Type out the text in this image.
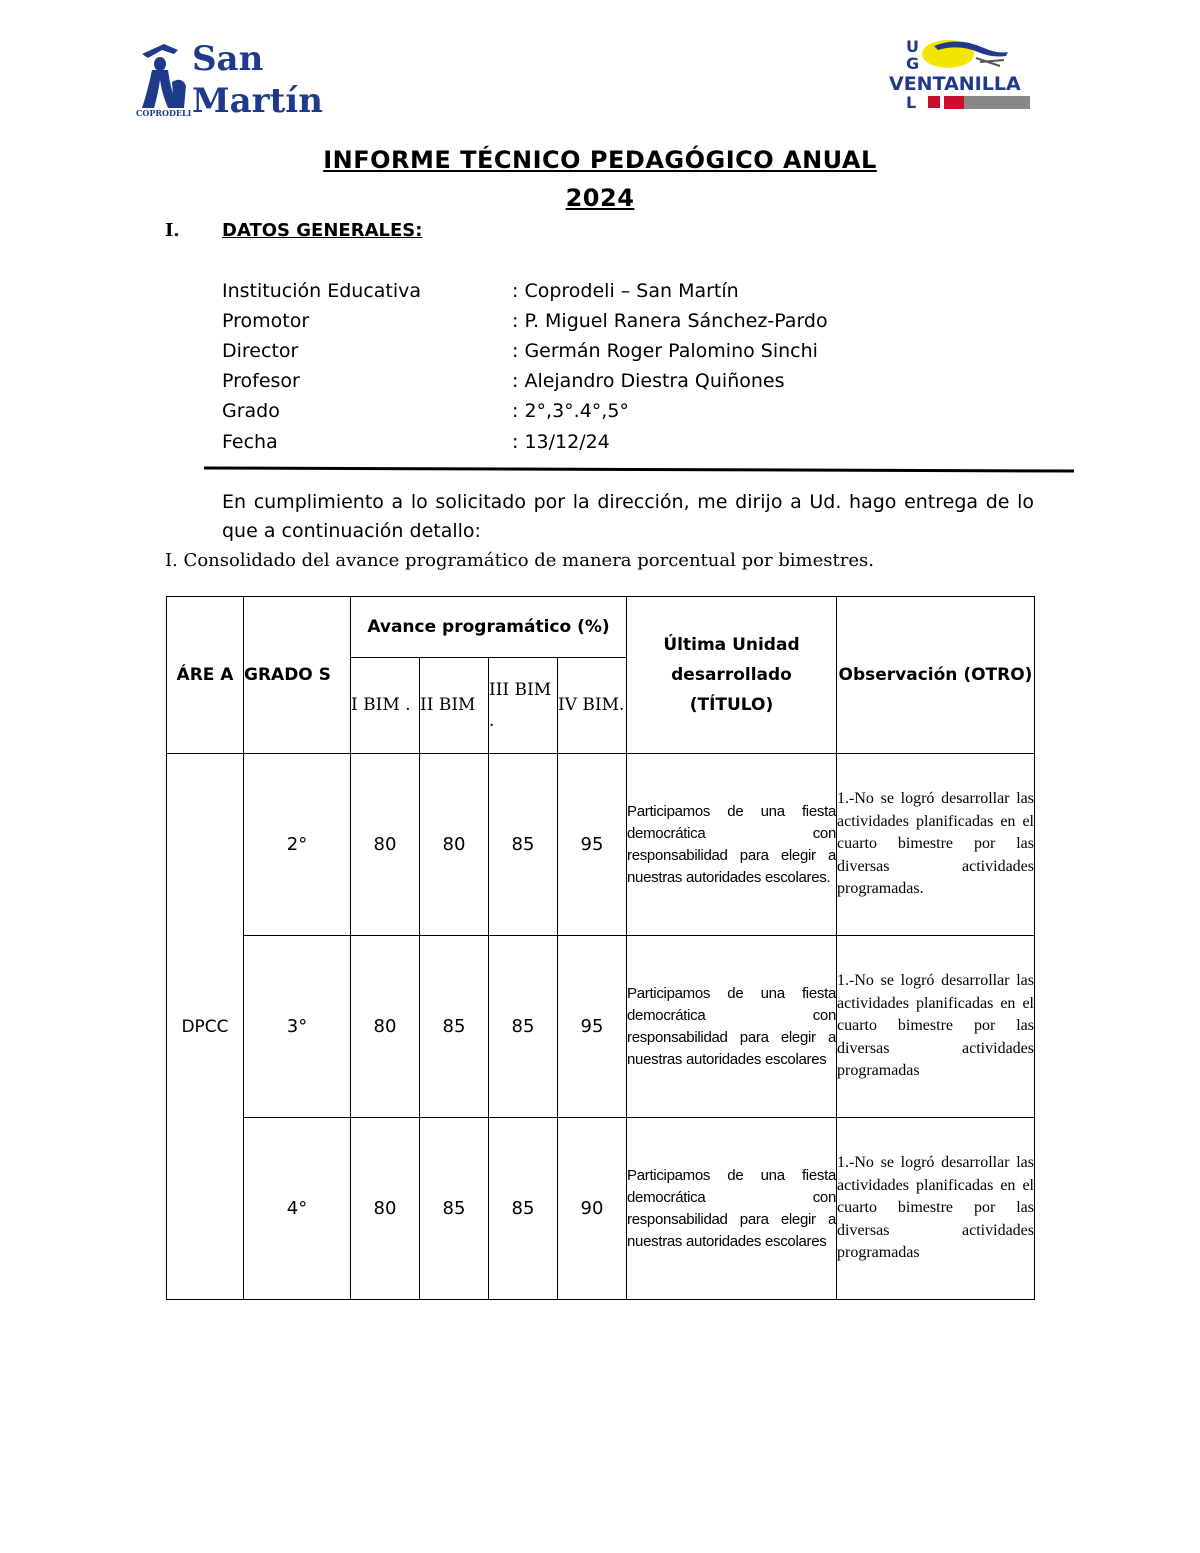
COPRODELI
San
Martín
U
G
VENTANILLA
L
INFORME TÉCNICO PEDAGÓGICO ANUAL
2024
I. DATOS GENERALES:
Institución Educativa	: Coprodeli – San Martín
Promotor	: P. Miguel Ranera Sánchez-Pardo
Director	: Germán Roger Palomino Sinchi
Profesor	: Alejandro Diestra Quiñones
Grado	: 2°,3°.4°,5°
Fecha	: 13/12/24
En cumplimiento a lo solicitado por la dirección, me dirijo a Ud. hago entrega de lo que a continuación detallo:
I. Consolidado del avance programático de manera porcentual por bimestres.
ÁRE A	GRADO S	Avance programático (%)				Última Unidad desarrollado (TÍTULO)	Observación (OTRO)
		I BIM .	II BIM	III BIM .	IV BIM.		
DPCC	2°	80	80	85	95	Participamos de una fiesta democrática con responsabilidad para elegir a nuestras autoridades escolares.	1.-No se logró desarrollar las actividades planificadas en el cuarto bimestre por las diversas actividades programadas.
	3°	80	85	85	95	Participamos de una fiesta democrática con responsabilidad para elegir a nuestras autoridades escolares	1.-No se logró desarrollar las actividades planificadas en el cuarto bimestre por las diversas actividades programadas
	4°	80	85	85	90	Participamos de una fiesta democrática con responsabilidad para elegir a nuestras autoridades escolares	1.-No se logró desarrollar las actividades planificadas en el cuarto bimestre por las diversas actividades programadas
